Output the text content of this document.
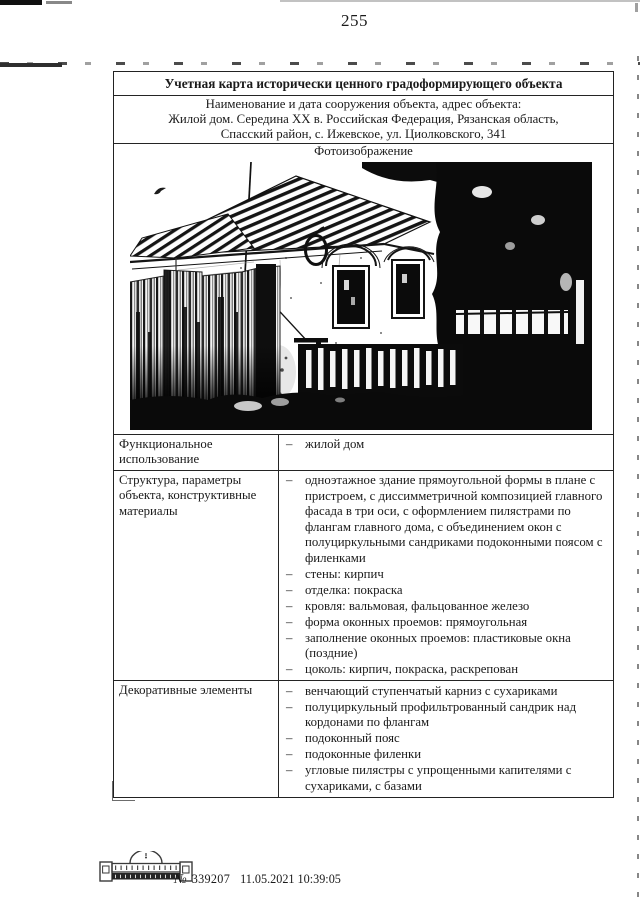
255
Учетная карта исторически ценного градоформирующего объекта
Наименование и дата сооружения объекта, адрес объекта:
Жилой дом. Середина XX в. Российская Федерация, Рязанская область,
Спасский район, с. Ижевское, ул. Циолковского, 341
Фотоизображение
Функциональное использование
– жилой дом
Структура, параметры объекта, конструктивные материалы
– одноэтажное здание прямоугольной формы в плане с пристроем, с диссимметричной композицией главного фасада в три оси, с оформлением пилястрами по флангам главного дома, с объединением окон с полуциркульными сандриками подоконными поясом с филенками
– стены: кирпич
– отделка: покраска
– кровля: вальмовая, фальцованное железо
– форма оконных проемов: прямоугольная
– заполнение оконных проемов: пластиковые окна (поздние)
– цоколь: кирпич, покраска, раскрепован
Декоративные элементы	– венчающий ступенчатый карниз с сухариками
– полуциркульный профильтрованный сандрик над кордонами по флангам
– подоконный пояс
– подоконные филенки
– угловые пилястры с упрощенными капителями с сухариками, с базами
№ 339207 11.05.2021 10:39:05
